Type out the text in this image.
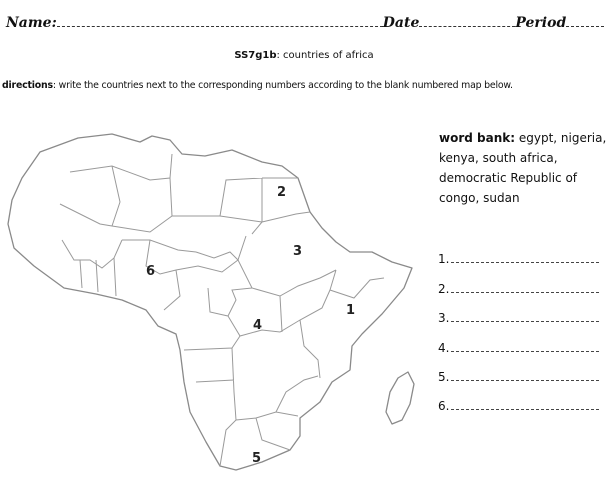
Name:	Date	Period
SS7g1b: countries of africa
directions: write the countries next to the corresponding numbers according to the blank numbered map below.
1
2
3
4
5
6
word bank: egypt, nigeria, kenya, south africa, democratic Republic of congo, sudan
1.
2.
3.
4.
5.
6.
